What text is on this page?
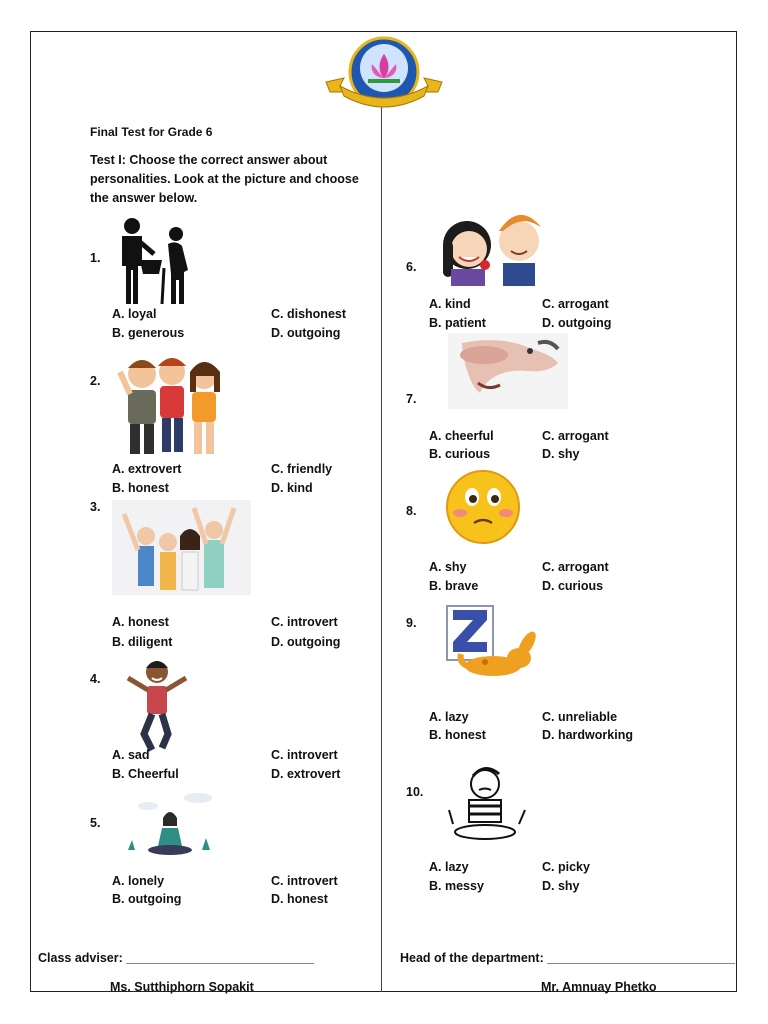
Final Test for Grade 6
Test I: Choose the correct answer about personalities. Look at the picture and choose the answer below.
1.
A. loyal
B. generous
C. dishonest
D. outgoing
2.
A. extrovert
B. honest
C. friendly
D. kind
3.
A. honest
B. diligent
C. introvert
D. outgoing
4.
A. sad
B. Cheerful
C. introvert
D. extrovert
5.
A. lonely
B. outgoing
C. introvert
D. honest
6.
A. kind
B. patient
C. arrogant
D. outgoing
7.
A. cheerful
B. curious
C. arrogant
D. shy
8.
A. shy
B. brave
C. arrogant
D. curious
9.
A. lazy
B. honest
C. unreliable
D. hardworking
10.
A. lazy
B. messy
C. picky
D. shy
Class adviser: ___________________________
Ms. Sutthiphorn Sopakit
Head of the department: ___________________________
Mr. Amnuay Phetko
